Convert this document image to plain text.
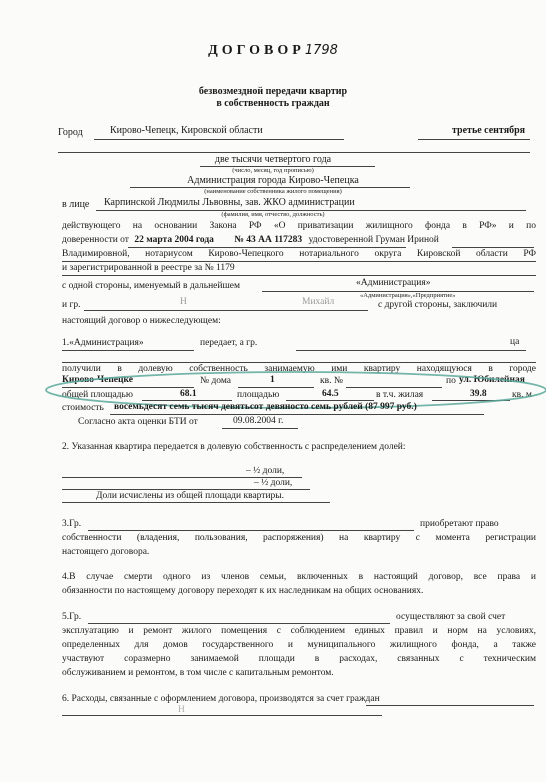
ДОГОВОР1798
безвозмездной передачи квартир
в собственность граждан
Город	Кирово-Чепецк, Кировской области	третье сентября
две тысячи четвертого года
(число, месяц, год прописью)
Администрация города Кирово-Чепецка
(наименование собственника жилого помещения)
в лице Карпинской Людмилы Львовны, зав. ЖКО администрации
(фамилия, имя, отчество, должность)
действующего на основании Закона РФ «О приватизации жилищного фонда в РФ» и по
доверенности от 22 марта 2004 года № 43 АА 117283 удостоверенной Груман Ириной
Владимировной, нотариусом Кирово-Чепецкого нотариального округа Кировской области РФ
и зарегистрированной в реестре за № 1179
с одной стороны, именуемый в дальнейшем	«Администрация»
«Администрация»,«Предприятие»
и гр.	Н	Михайл	с другой стороны, заключили
настоящий договор о нижеследующем:
1.«Администрация»	передает, а гр.	ца
получили в долевую собственность занимаемую ими квартиру находящуюся в городе
Кирово-Чепецке	№ дома	1	кв. №	по ул. Юбилейная
общей площадью	68.1	площадью	64.5	в т.ч. жилая	39.8	кв. м
стоимость восемьдесят семь тысяч девятьсот девяносто семь рублей (87 997 руб.)
Согласно акта оценки БТИ от	09.08.2004 г.
2. Указанная квартира передается в долевую собственность с распределением долей:
– ½ доли,
– ½ доли,
Доли исчислены из общей площади квартиры.
3.Гр.	приобретают право
собственности (владения, пользования, распоряжения) на квартиру с момента регистрации
настоящего договора.
4.В случае смерти одного из членов семьи, включенных в настоящий договор, все права и
обязанности по настоящему договору переходят к их наследникам на общих основаниях.
5.Гр.	осуществляют за свой счет
эксплуатацию и ремонт жилого помещения с соблюдением единых правил и норм на условиях,
определенных для домов государственного и муниципального жилищного фонда, а также
участвуют соразмерно занимаемой площади в расходах, связанных с техническим
обслуживанием и ремонтом, в том числе с капитальным ремонтом.
6. Расходы, связанные с оформлением договора, производятся за счет граждан
Н
